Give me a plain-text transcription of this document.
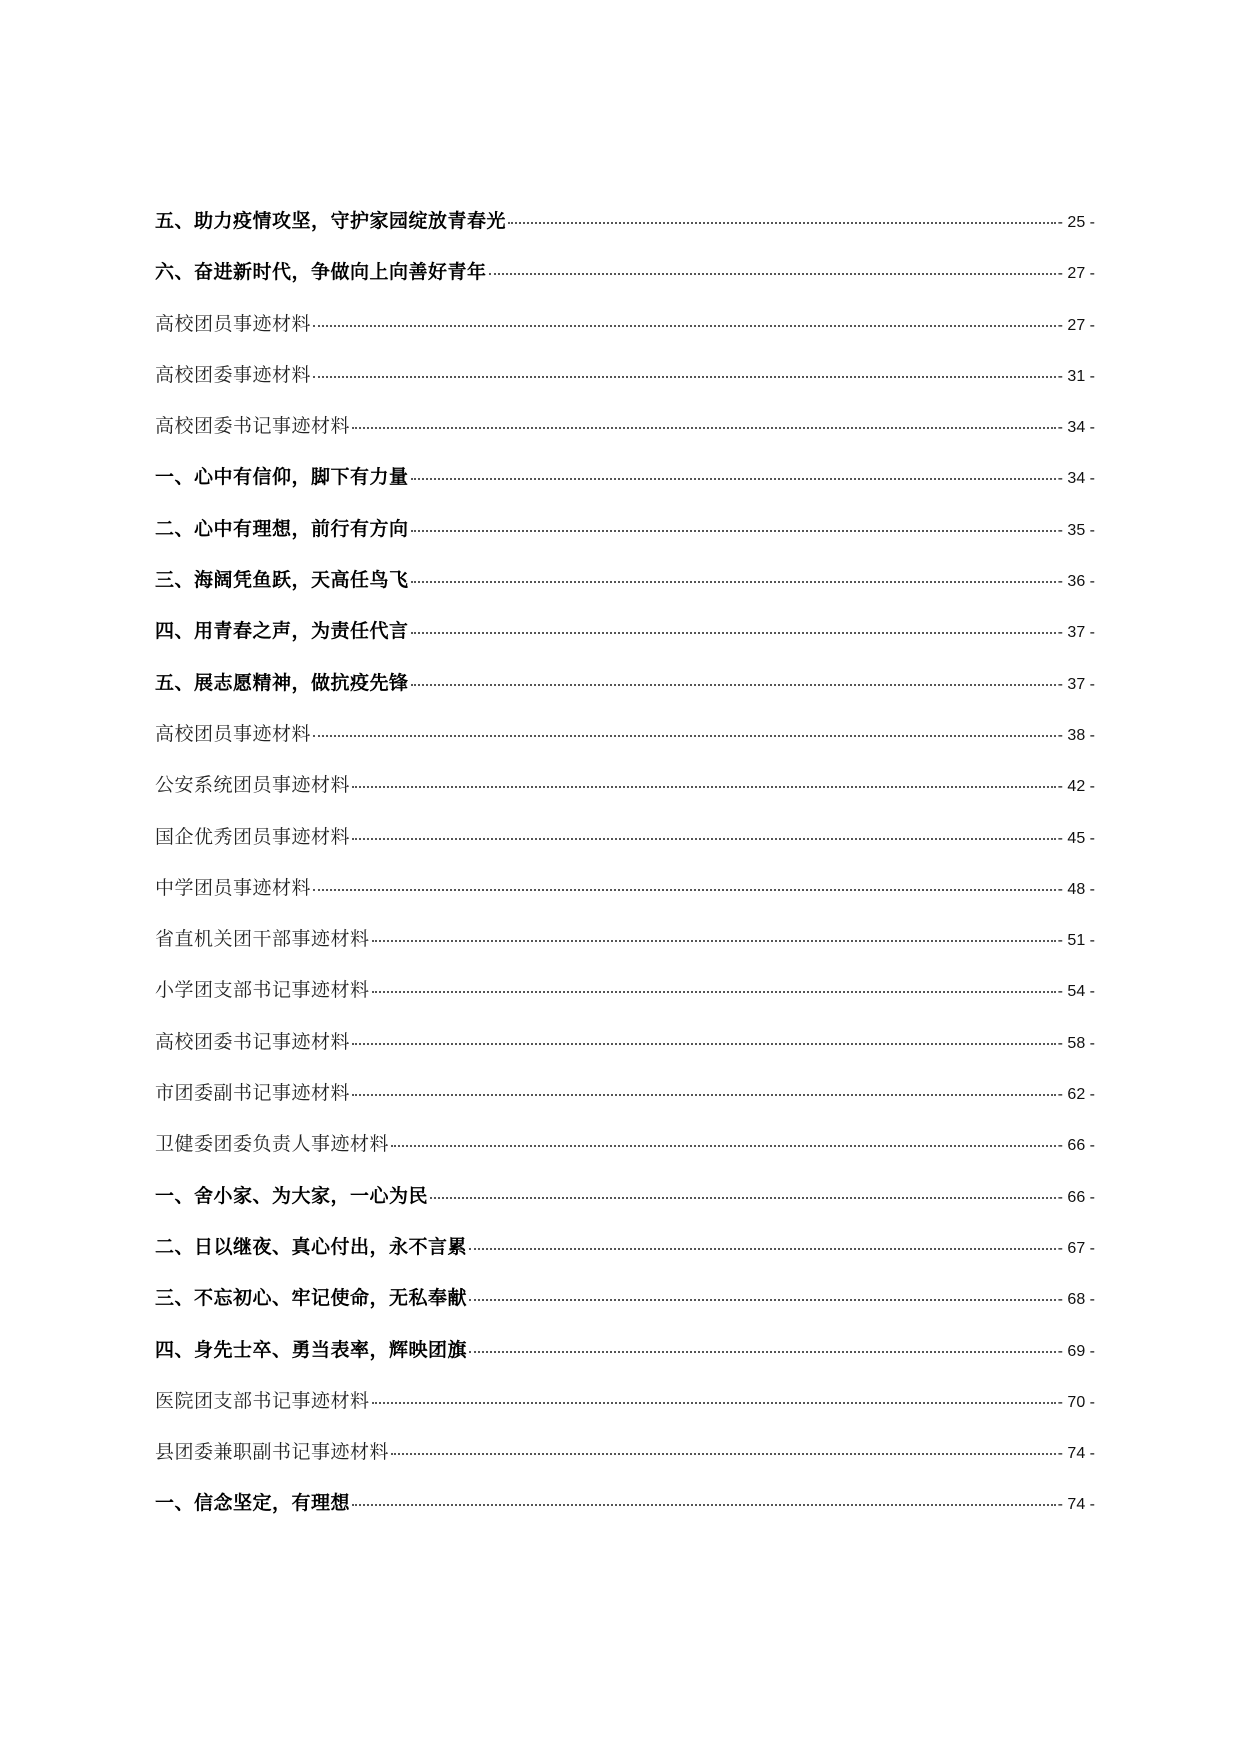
五、助力疫情攻坚，守护家园绽放青春光	- 25 -
六、奋进新时代，争做向上向善好青年	- 27 -
高校团员事迹材料	- 27 -
高校团委事迹材料	- 31 -
高校团委书记事迹材料	- 34 -
一、心中有信仰，脚下有力量	- 34 -
二、心中有理想，前行有方向	- 35 -
三、海阔凭鱼跃，天高任鸟飞	- 36 -
四、用青春之声，为责任代言	- 37 -
五、展志愿精神，做抗疫先锋	- 37 -
高校团员事迹材料	- 38 -
公安系统团员事迹材料	- 42 -
国企优秀团员事迹材料	- 45 -
中学团员事迹材料	- 48 -
省直机关团干部事迹材料	- 51 -
小学团支部书记事迹材料	- 54 -
高校团委书记事迹材料	- 58 -
市团委副书记事迹材料	- 62 -
卫健委团委负责人事迹材料	- 66 -
一、舍小家、为大家，一心为民	- 66 -
二、日以继夜、真心付出，永不言累	- 67 -
三、不忘初心、牢记使命，无私奉献	- 68 -
四、身先士卒、勇当表率，辉映团旗	- 69 -
医院团支部书记事迹材料	- 70 -
县团委兼职副书记事迹材料	- 74 -
一、信念坚定，有理想	- 74 -
